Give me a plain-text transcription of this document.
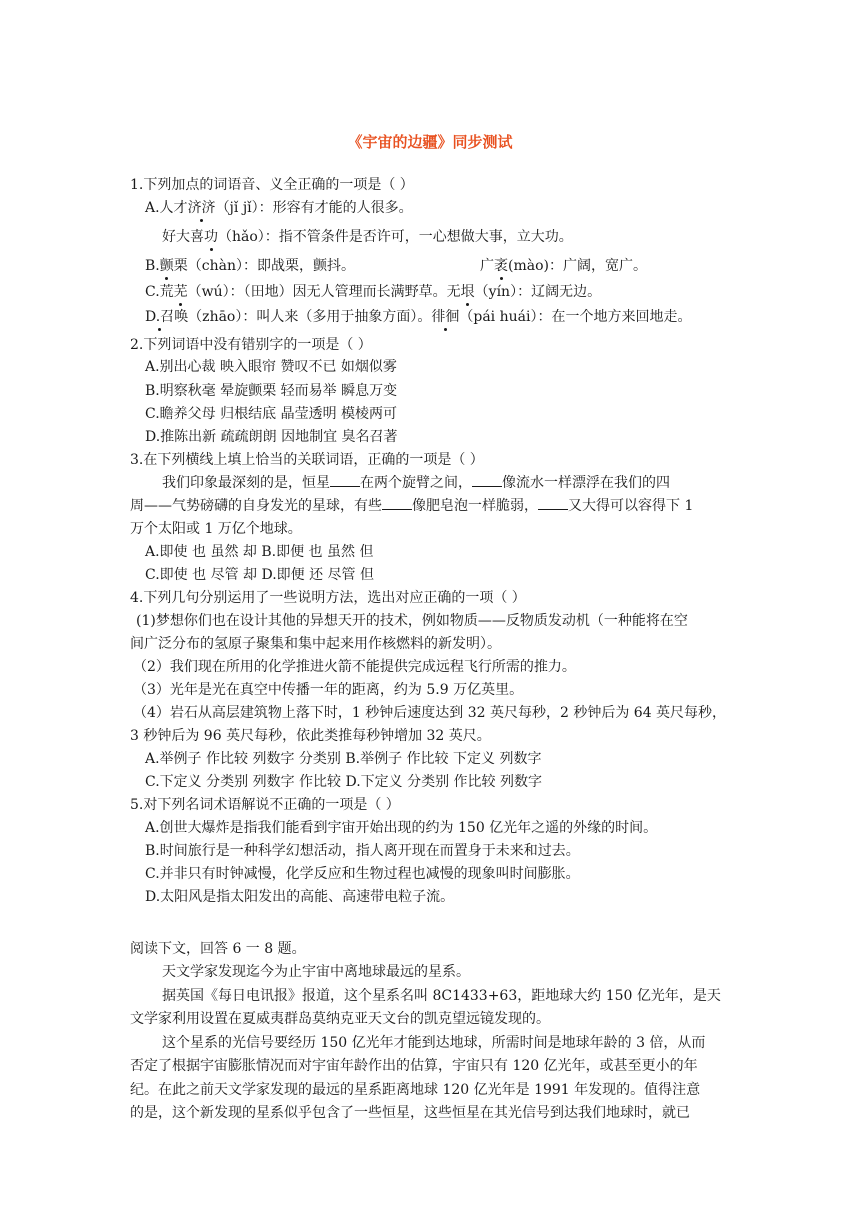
《宇宙的边疆》同步测试
1.下列加点的词语音、义全正确的一项是（ ）
A.人才济济（jǐ jǐ）：形容有才能的人很多。
好大喜功（hǎo）：指不管条件是否许可，一心想做大事，立大功。
B.颤栗（chàn）：即战栗，颤抖。	广袤(mào)：广阔，宽广。
C.荒芜（wú）：（田地）因无人管理而长满野草。无垠（yín）：辽阔无边。
D.召唤（zhāo）：叫人来（多用于抽象方面）。徘徊（pái huái）：在一个地方来回地走。
2.下列词语中没有错别字的一项是（ ）
A.别出心裁 映入眼帘 赞叹不已 如烟似雾
B.明察秋毫 晕旋颤栗 轻而易举 瞬息万变
C.瞻养父母 归根结底 晶莹透明 模棱两可
D.推陈出新 疏疏朗朗 因地制宜 臭名召著
3.在下列横线上填上恰当的关联词语，正确的一项是（ ）
我们印象最深刻的是，恒星 在两个旋臂之间， 像流水一样漂浮在我们的四
周——气势磅礴的自身发光的星球，有些 像肥皂泡一样脆弱， 又大得可以容得下 1
万个太阳或 1 万亿个地球。
A.即使 也 虽然 却 B.即便 也 虽然 但
C.即使 也 尽管 却 D.即便 还 尽管 但
4.下列几句分别运用了一些说明方法，选出对应正确的一项（ ）
(1)梦想你们也在设计其他的异想天开的技术，例如物质——反物质发动机（一种能将在空
间广泛分布的氢原子聚集和集中起来用作核燃料的新发明）。
（2）我们现在所用的化学推进火箭不能提供完成远程飞行所需的推力。
（3）光年是光在真空中传播一年的距离，约为 5.9 万亿英里。
（4）岩石从高层建筑物上落下时，1 秒钟后速度达到 32 英尺每秒，2 秒钟后为 64 英尺每秒，
3 秒钟后为 96 英尺每秒，依此类推每秒钟增加 32 英尺。
A.举例子 作比较 列数字 分类别 B.举例子 作比较 下定义 列数字
C.下定义 分类别 列数字 作比较 D.下定义 分类别 作比较 列数字
5.对下列名词术语解说不正确的一项是（ ）
A.创世大爆炸是指我们能看到宇宙开始出现的约为 150 亿光年之遥的外缘的时间。
B.时间旅行是一种科学幻想活动，指人离开现在而置身于未来和过去。
C.并非只有时钟减慢，化学反应和生物过程也减慢的现象叫时间膨胀。
D.太阳风是指太阳发出的高能、高速带电粒子流。
阅读下文，回答 6 一 8 题。
天文学家发现迄今为止宇宙中离地球最远的星系。
据英国《每日电讯报》报道，这个星系名叫 8C1433+63，距地球大约 150 亿光年，是天
文学家利用设置在夏威夷群岛莫纳克亚天文台的凯克望远镜发现的。
这个星系的光信号要经历 150 亿光年才能到达地球，所需时间是地球年龄的 3 倍，从而
否定了根据宇宙膨胀情况而对宇宙年龄作出的估算，宇宙只有 120 亿光年，或甚至更小的年
纪。在此之前天文学家发现的最远的星系距离地球 120 亿光年是 1991 年发现的。值得注意
的是，这个新发现的星系似乎包含了一些恒星，这些恒星在其光信号到达我们地球时，就已
